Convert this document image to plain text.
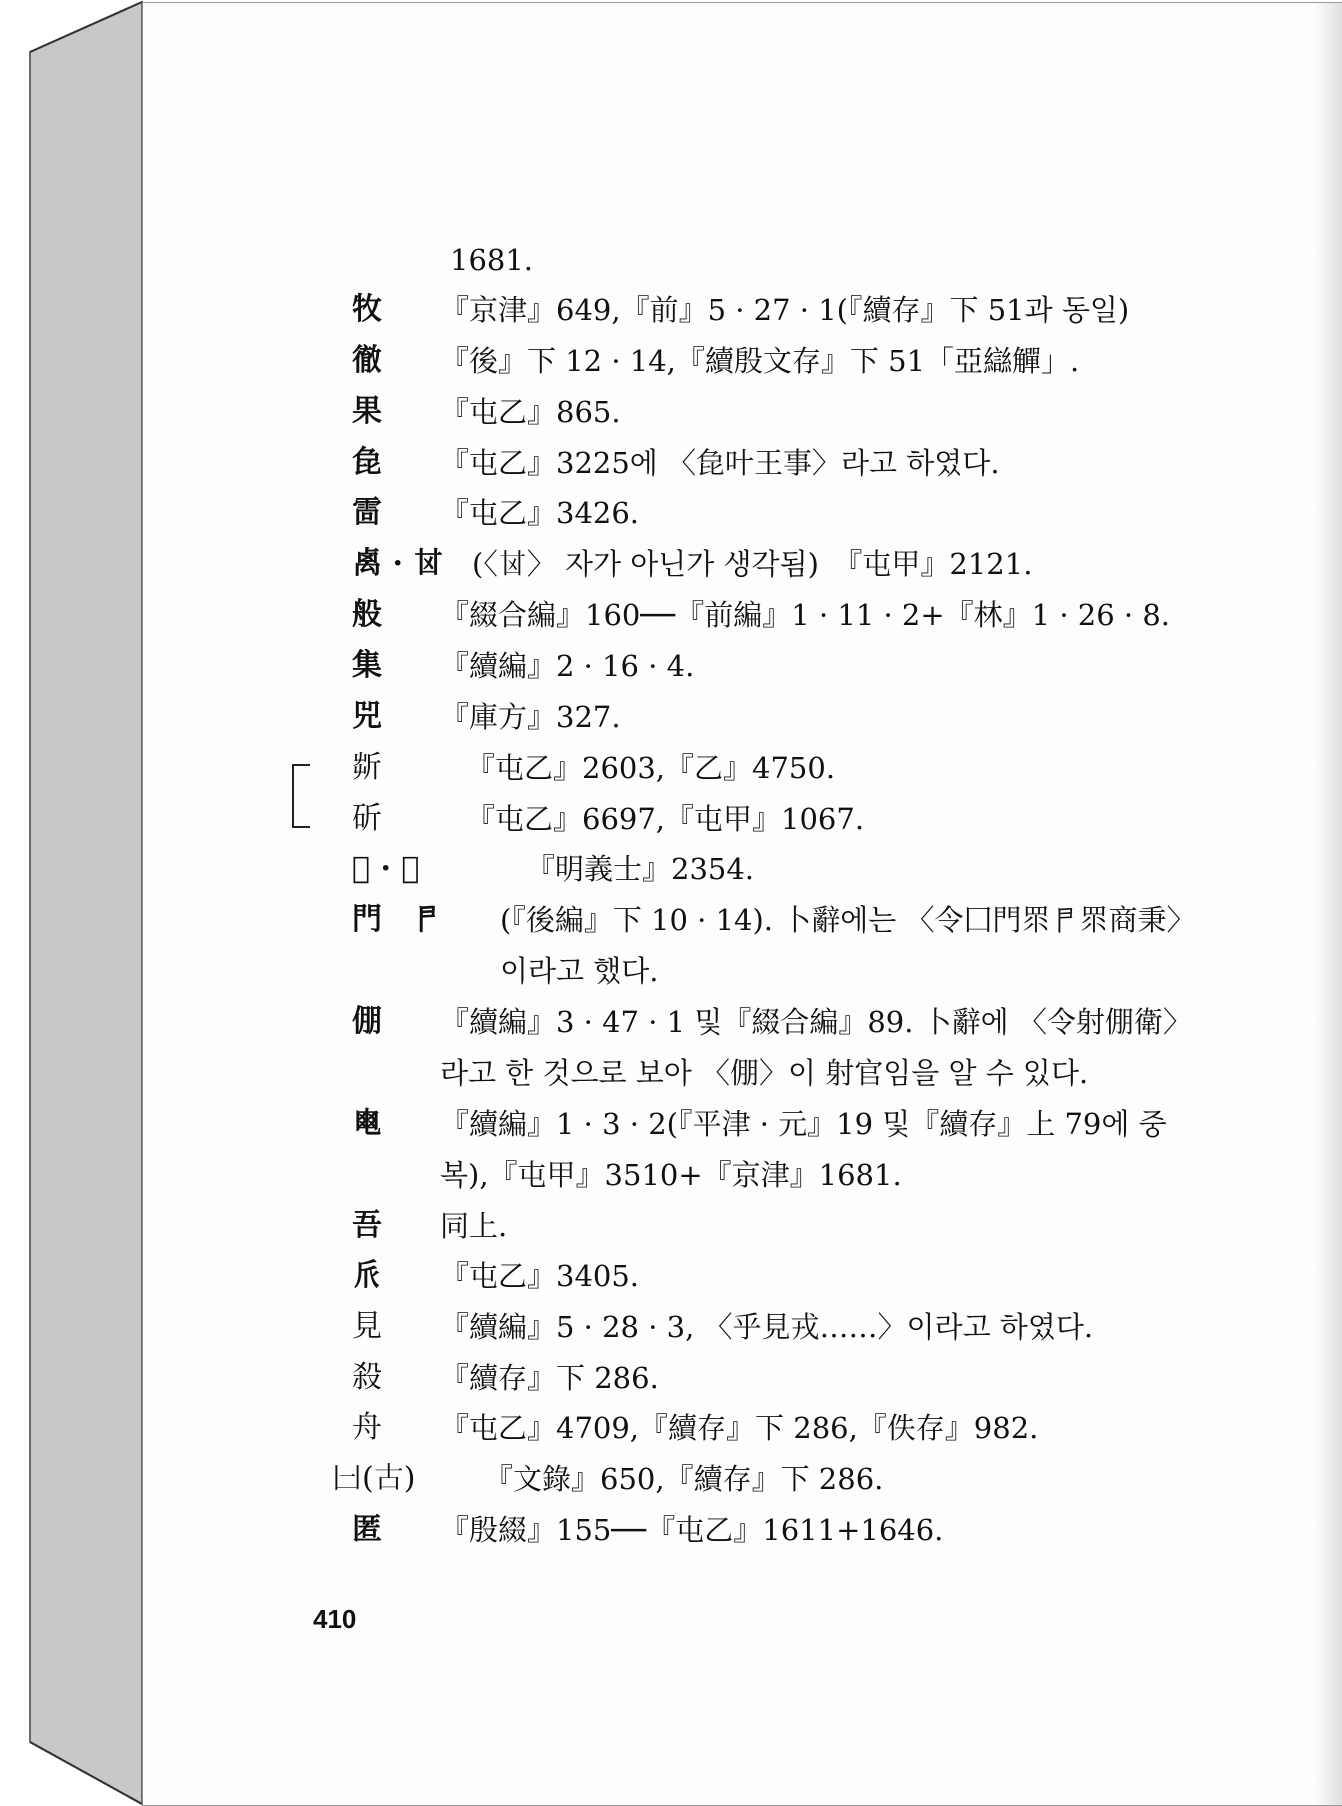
1681.
牧 『京津』649,『前』5 · 27 · 1(『續存』下 51과 동일)
徹 『後』下 12 · 14,『續殷文存』下 51「亞䜌觶」.
果 『屯乙』865.
㲋 『屯乙』3225에 〈㲋叶王事〉라고 하였다.
䨓 『屯乙』3426.
禼 · 𠀠 (〈𠀠〉 자가 아닌가 생각됨)　『屯甲』2121.
般 『綴合編』160──『前編』1 · 11 · 2+『林』1 · 26 · 8.
集 『續編』2 · 16 · 4.
兕 『庫方』327.
㪿	『屯乙』2603,『乙』4750.
斫	『屯乙』6697,『屯甲』1067.
𠬸 · 及	『明義士』2354.
門　𠁣 (『後編』下 10 · 14). 卜辭에는 〈令囗門眔𠁣眔商秉〉
이라고 했다.
倗 『續編』3 · 47 · 1 및『綴合編』89. 卜辭에 〈令射倗衛〉
라고 한 것으로 보아 〈倗〉이 射官임을 알 수 있다.
𤕣 『續編』1 · 3 · 2(『平津 · 元』19 및『續存』上 79에 중
복),『屯甲』3510+『京津』1681.
吾 同上.
𠂢 『屯乙』3405.
見 『續編』5 · 28 · 3, 〈乎見戎……〉이라고 하였다.
殺 『續存』下 286.
舟 『屯乙』4709,『續存』下 286,『佚存』982.
𠙵(古) 『文錄』650,『續存』下 286.
匿 『殷綴』155──『屯乙』1611+1646.
410
